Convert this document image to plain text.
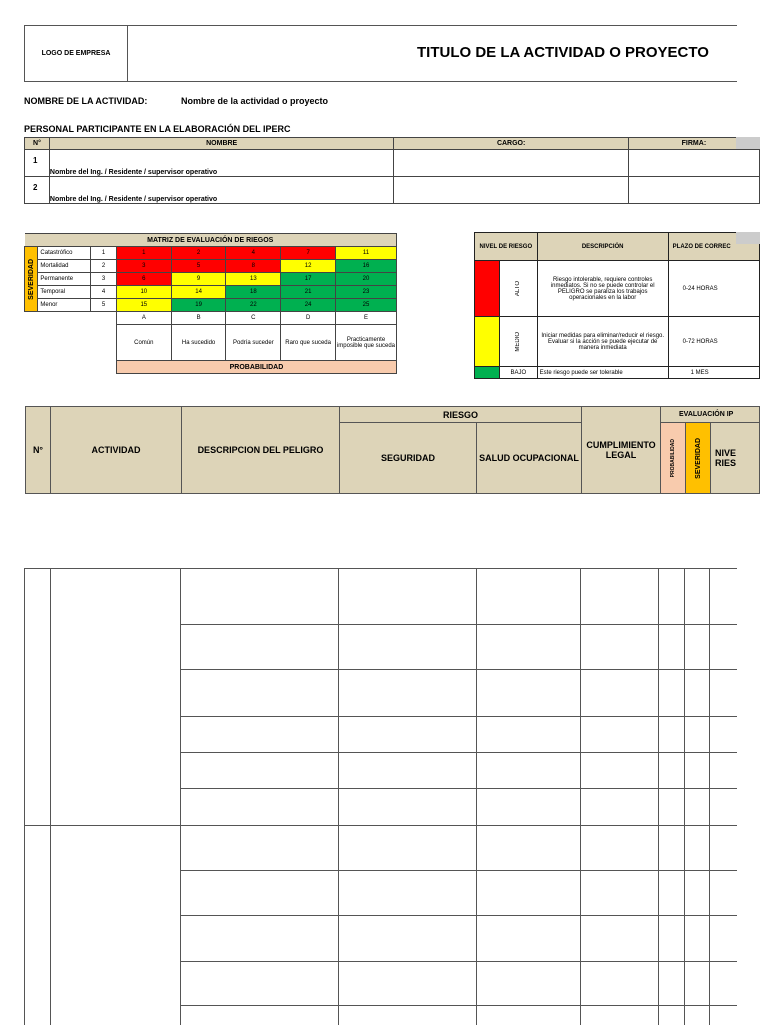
LOGO DE EMPRESA	TITULO DE LA ACTIVIDAD O PROYECTO
NOMBRE DE LA ACTIVIDAD:	Nombre de la actividad o proyecto
PERSONAL PARTICIPANTE EN LA ELABORACIÓN DEL IPERC
N°	NOMBRE	CARGO:	FIRMA:
1	Nombre del Ing. / Residente / supervisor operativo		
2	Nombre del Ing. / Residente / supervisor operativo		
MATRIZ DE EVALUACIÓN DE RIEGOS							

SEVERIDAD	Catastrófico	1	1	2	4	7	11
	Mortalidad	2	3	5	8	12	16
	Permanente	3	6	9	13	17	20
	Temporal	4	10	14	18	21	23
	Menor	5	15	19	22	24	25
			A	B	C	D	E
			Común	Ha sucedido	Podría suceder	Raro que suceda	Practicamente imposible que suceda
			PROBABILIDAD				
NIVEL DE RIESGO		DESCRIPCIÓN	PLAZO DE CORREC

	ALTO	Riesgo intolerable, requiere controles inmediatos. Si no se puede controlar el PELIGRO se paraliza los trabajos operacionales en la labor	0-24 HORAS

	MEDIO	Iniciar medidas para eliminar/reducir el riesgo. Evaluar si la acción se puede ejecutar de manera inmediata	0-72 HORAS
	BAJO	Este riesgo puede ser tolerable	1 MES
N°	ACTIVIDAD	DESCRIPCION DEL PELIGRO	RIESGO		CUMPLIMIENTO LEGAL	EVALUACIÓN IP		
			SEGURIDAD	SALUD OCUPACIONAL		PROBABILIDAD	SEVERIDAD	NIVE RIES
